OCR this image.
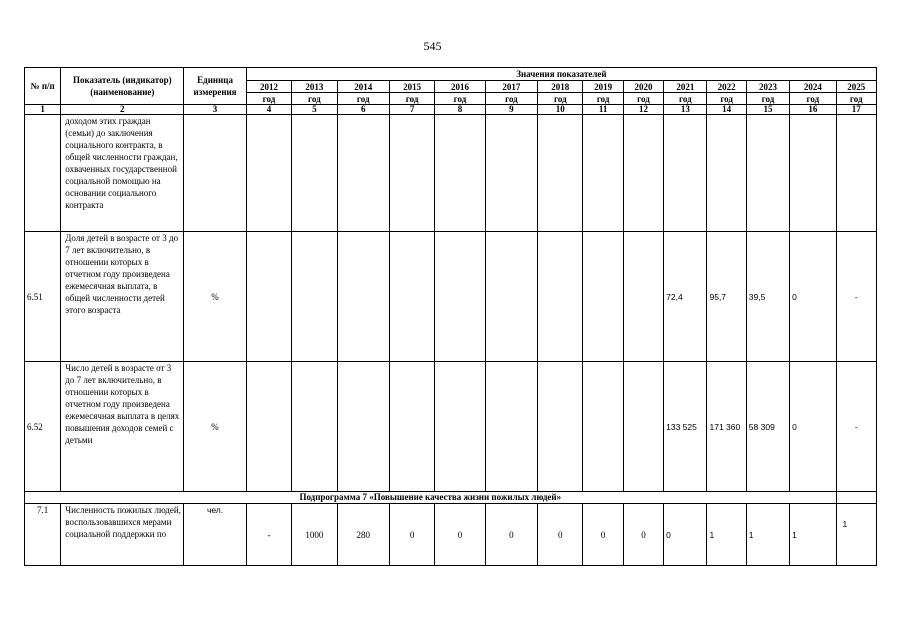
545
№ п/п	Показатель (индикатор) (наименование)	Единица измерения	Значения показателей													
			2012	2013	2014	2015	2016	2017	2018	2019	2020	2021	2022	2023	2024	2025
			год	год	год	год	год	год	год	год	год	год	год	год	год	год
1	2	3	4	5	6	7	8	9	10	11	12	13	14	15	16	17
	доходом этих граждан (семьи) до заключения социального контракта, в общей численности граждан, охваченных государственной социальной помощью на основании социального контракта															
6.51	Доля детей в возрасте от 3 до 7 лет включительно, в отношении которых в отчетном году произведена ежемесячная выплата, в общей численности детей этого возраста	%										72,4	95,7	39,5	0	-
6.52	Число детей в возрасте от 3 до 7 лет включительно, в отношении которых в отчетном году произведена ежемесячная выплата в целях повышения доходов семей с детьми	%										133 525	171 360	58 309	0	-
Подпрограмма 7 «Повышение качества жизни пожилых людей»																
7.1	Численность пожилых людей, воспользовавшихся мерами социальной поддержки по	чел.	-	1000	280	0	0	0	0	0	0	0	1	1	1	1
